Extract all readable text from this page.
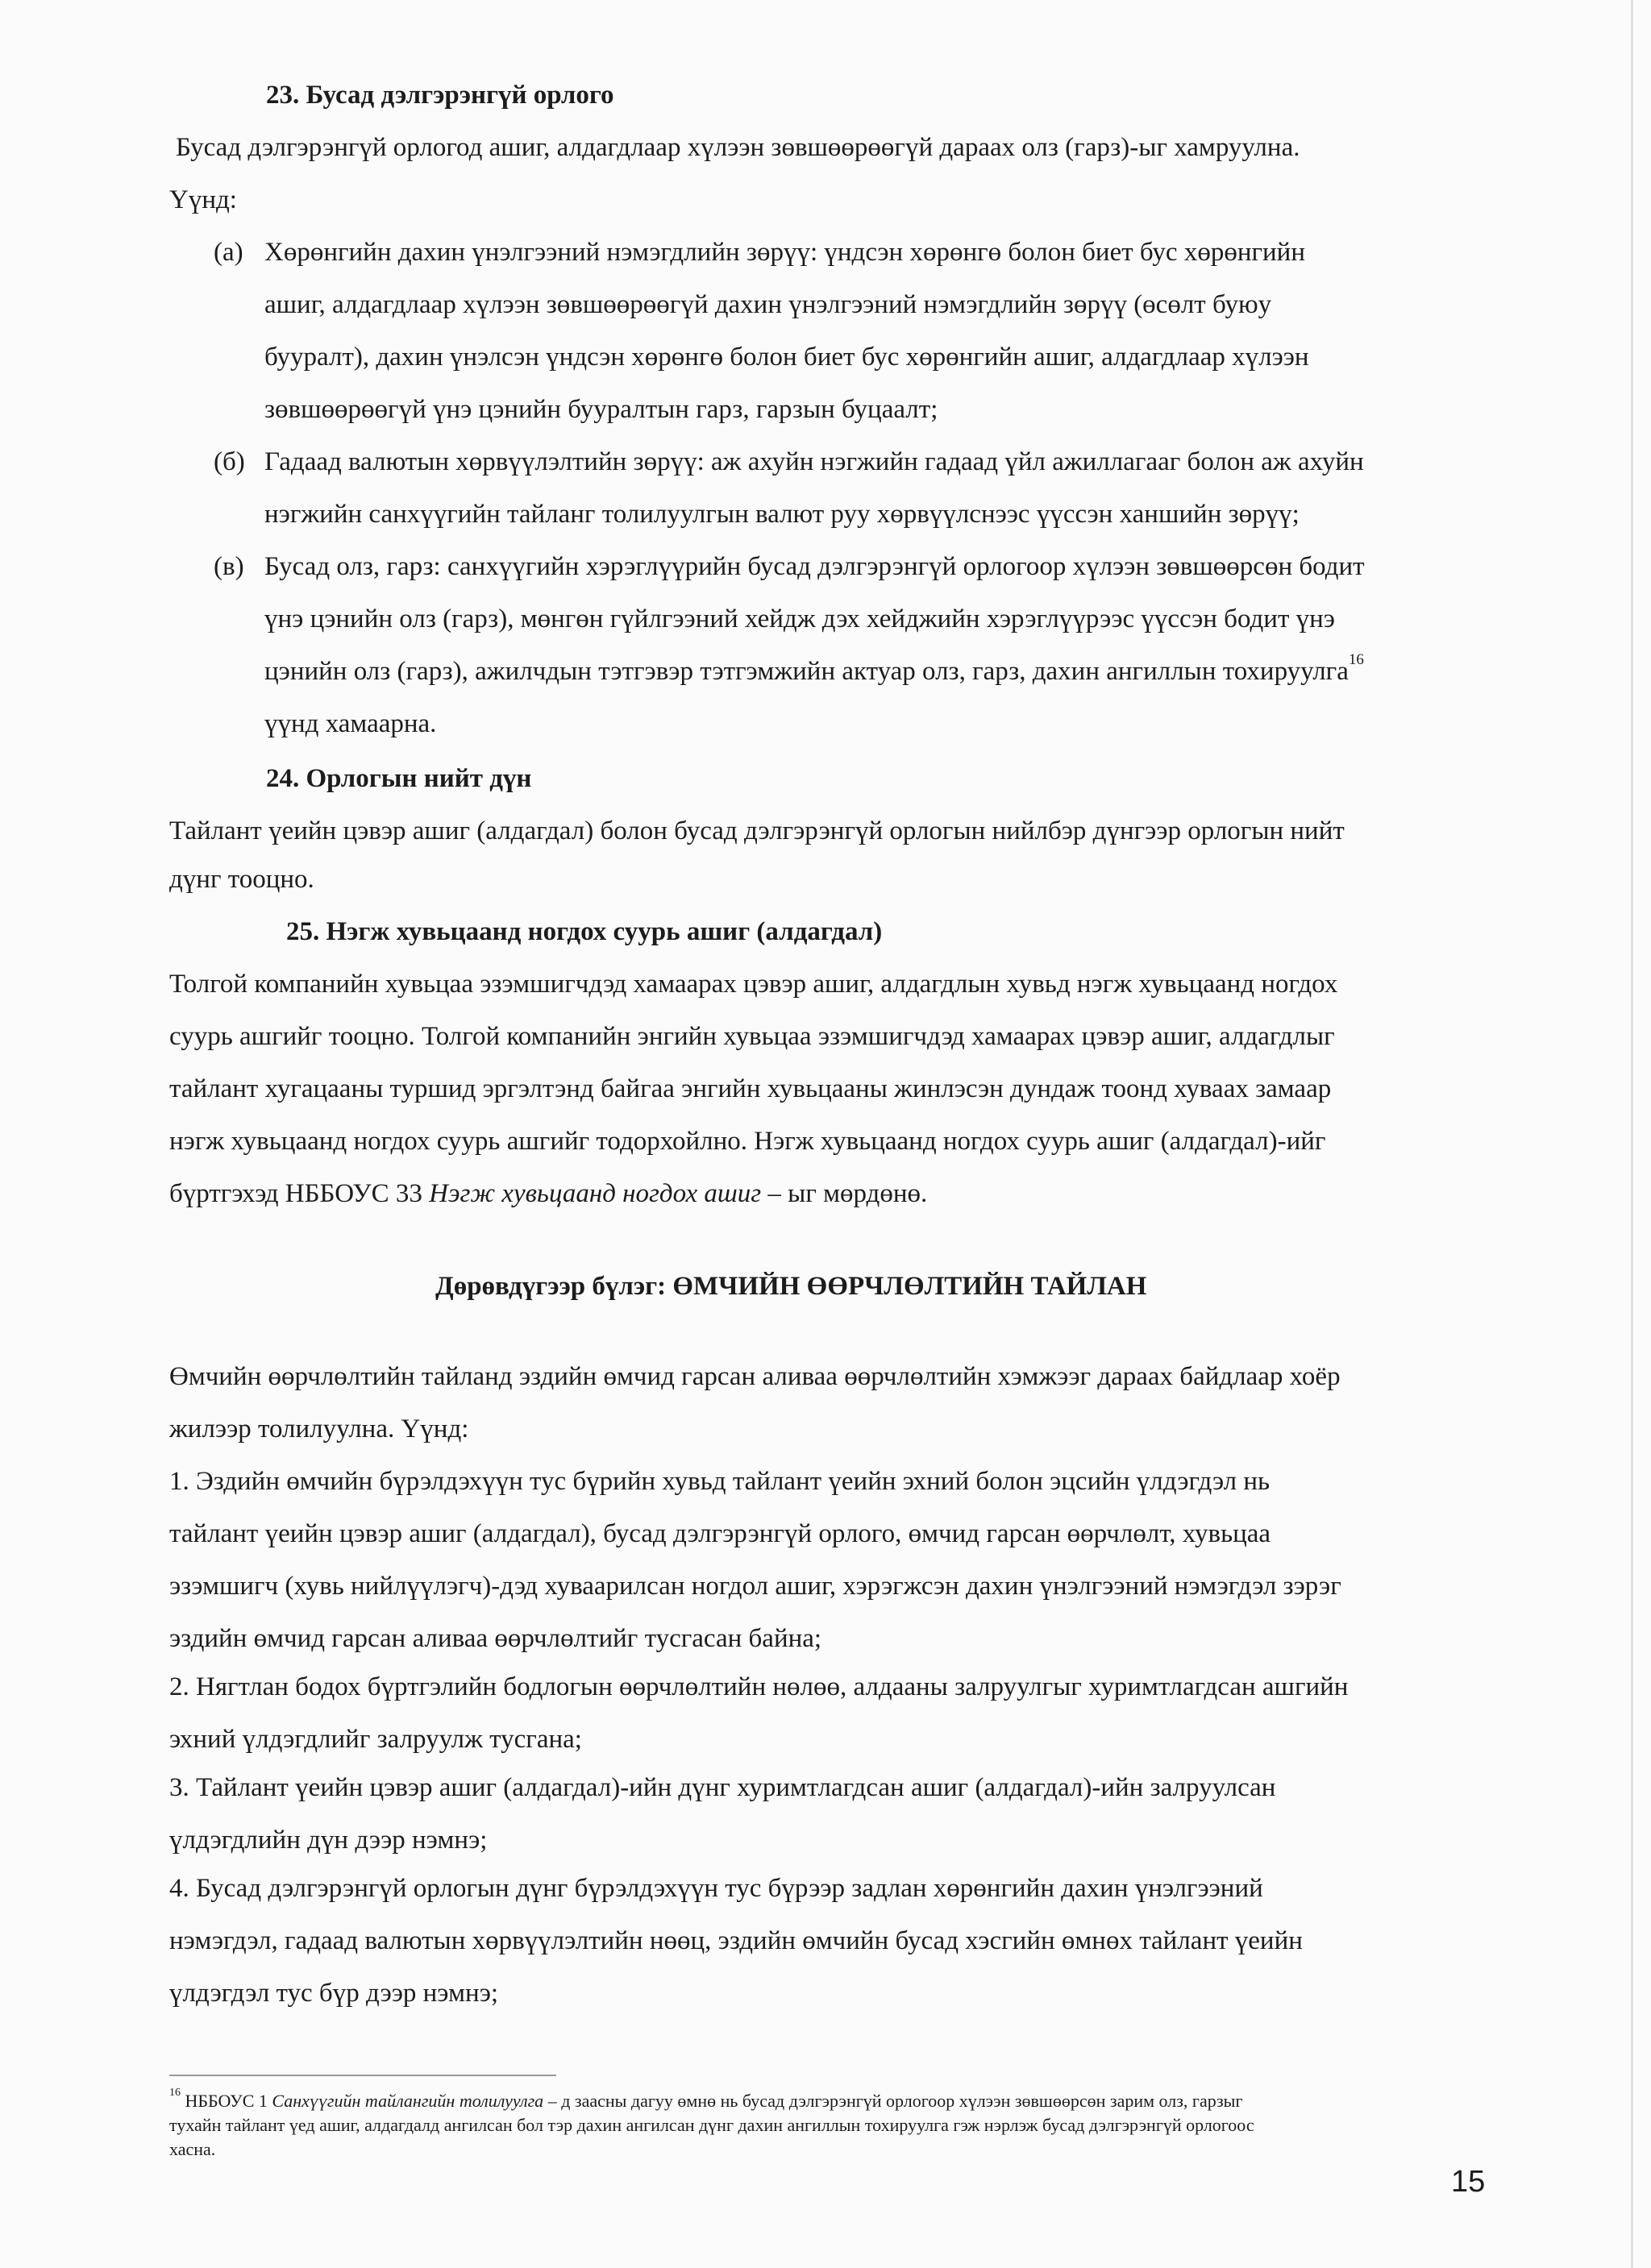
23. Бусад дэлгэрэнгүй орлого
Бусад дэлгэрэнгүй орлогод ашиг, алдагдлаар хүлээн зөвшөөрөөгүй дараах олз (гарз)-ыг хамруулна.
Үүнд:
(а) Хөрөнгийн дахин үнэлгээний нэмэгдлийн зөрүү: үндсэн хөрөнгө болон биет бус хөрөнгийн
ашиг, алдагдлаар хүлээн зөвшөөрөөгүй дахин үнэлгээний нэмэгдлийн зөрүү (өсөлт буюу
бууралт), дахин үнэлсэн үндсэн хөрөнгө болон биет бус хөрөнгийн ашиг, алдагдлаар хүлээн
зөвшөөрөөгүй үнэ цэнийн бууралтын гарз, гарзын буцаалт;
(б) Гадаад валютын хөрвүүлэлтийн зөрүү: аж ахуйн нэгжийн гадаад үйл ажиллагааг болон аж ахуйн
нэгжийн санхүүгийн тайланг толилуулгын валют руу хөрвүүлснээс үүссэн ханшийн зөрүү;
(в) Бусад олз, гарз: санхүүгийн хэрэглүүрийн бусад дэлгэрэнгүй орлогоор хүлээн зөвшөөрсөн бодит
үнэ цэнийн олз (гарз), мөнгөн гүйлгээний хейдж дэх хейджийн хэрэглүүрээс үүссэн бодит үнэ
цэнийн олз (гарз), ажилчдын тэтгэвэр тэтгэмжийн актуар олз, гарз, дахин ангиллын тохируулга$^{16}$
үүнд хамаарна.
24. Орлогын нийт дүн
Тайлант үеийн цэвэр ашиг (алдагдал) болон бусад дэлгэрэнгүй орлогын нийлбэр дүнгээр орлогын нийт
дүнг тооцно.
25. Нэгж хувьцаанд ногдох суурь ашиг (алдагдал)
Толгой компанийн хувьцаа эзэмшигчдэд хамаарах цэвэр ашиг, алдагдлын хувьд нэгж хувьцаанд ногдох
суурь ашгийг тооцно. Толгой компанийн энгийн хувьцаа эзэмшигчдэд хамаарах цэвэр ашиг, алдагдлыг
тайлант хугацааны туршид эргэлтэнд байгаа энгийн хувьцааны жинлэсэн дундаж тоонд хуваах замаар
нэгж хувьцаанд ногдох суурь ашгийг тодорхойлно. Нэгж хувьцаанд ногдох суурь ашиг (алдагдал)-ийг
бүртгэхэд НББОУС 33 Нэгж хувьцаанд ногдох ашиг – ыг мөрдөнө.
Дөрөвдүгээр бүлэг: ӨМЧИЙН ӨӨРЧЛӨЛТИЙН ТАЙЛАН
Өмчийн өөрчлөлтийн тайланд эздийн өмчид гарсан аливаа өөрчлөлтийн хэмжээг дараах байдлаар хоёр
жилээр толилуулна. Үүнд:
1. Эздийн өмчийн бүрэлдэхүүн тус бүрийн хувьд тайлант үеийн эхний болон эцсийн үлдэгдэл нь
тайлант үеийн цэвэр ашиг (алдагдал), бусад дэлгэрэнгүй орлого, өмчид гарсан өөрчлөлт, хувьцаа
эзэмшигч (хувь нийлүүлэгч)-дэд хуваарилсан ногдол ашиг, хэрэгжсэн дахин үнэлгээний нэмэгдэл зэрэг
эздийн өмчид гарсан аливаа өөрчлөлтийг тусгасан байна;
2. Нягтлан бодох бүртгэлийн бодлогын өөрчлөлтийн нөлөө, алдааны залруулгыг хуримтлагдсан ашгийн
эхний үлдэгдлийг залруулж тусгана;
3. Тайлант үеийн цэвэр ашиг (алдагдал)-ийн дүнг хуримтлагдсан ашиг (алдагдал)-ийн залруулсан
үлдэгдлийн дүн дээр нэмнэ;
4. Бусад дэлгэрэнгүй орлогын дүнг бүрэлдэхүүн тус бүрээр задлан хөрөнгийн дахин үнэлгээний
нэмэгдэл, гадаад валютын хөрвүүлэлтийн нөөц, эздийн өмчийн бусад хэсгийн өмнөх тайлант үеийн
үлдэгдэл тус бүр дээр нэмнэ;
$^{16}$ НББОУС 1 Санхүүгийн тайлангийн толилуулга – д заасны дагуу өмнө нь бусад дэлгэрэнгүй орлогоор хүлээн зөвшөөрсөн зарим олз, гарзыг
тухайн тайлант үед ашиг, алдагдалд ангилсан бол тэр дахин ангилсан дүнг дахин ангиллын тохируулга гэж нэрлэж бусад дэлгэрэнгүй орлогоос
хасна.
15
